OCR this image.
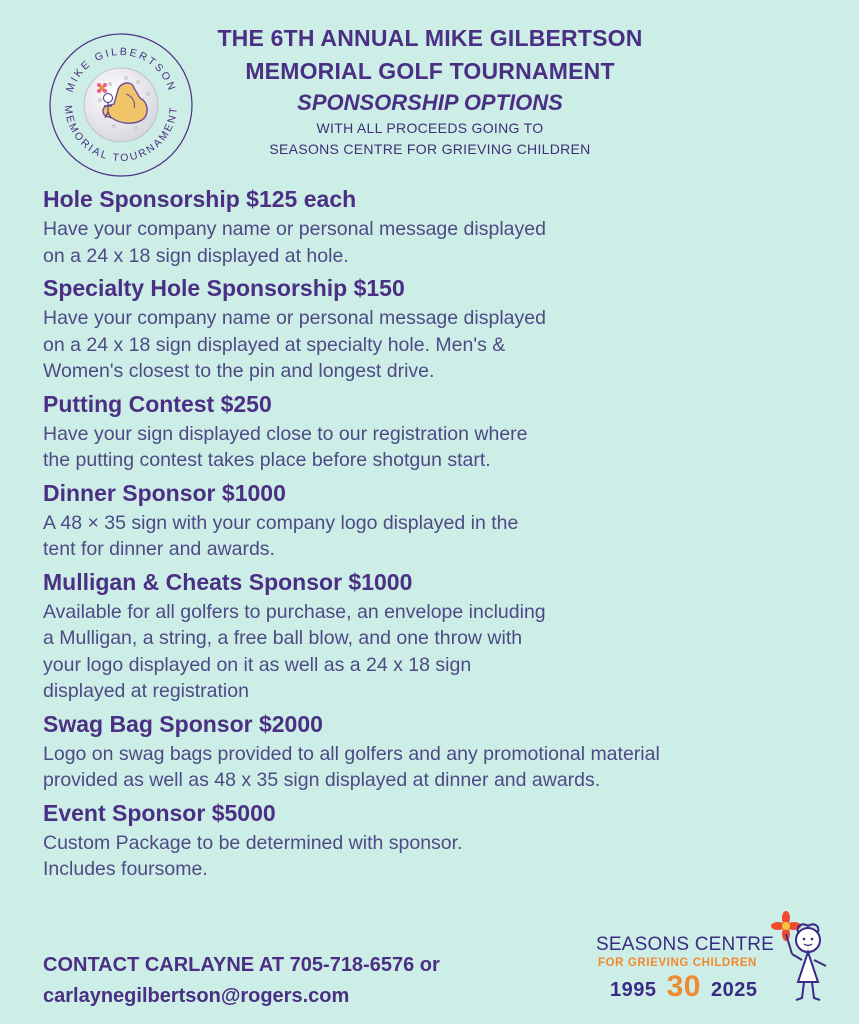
MIKE GILBERTSON
MEMORIAL TOURNAMENT
THE 6TH ANNUAL MIKE GILBERTSON
MEMORIAL GOLF TOURNAMENT
SPONSORSHIP OPTIONS
WITH ALL PROCEEDS GOING TO
SEASONS CENTRE FOR GRIEVING CHILDREN
Hole Sponsorship $125 each
Have your company name or personal message displayed
on a 24 x 18 sign displayed at hole.
Specialty Hole Sponsorship $150
Have your company name or personal message displayed
on a 24 x 18 sign displayed at specialty hole. Men's &
Women's closest to the pin and longest drive.
Putting Contest $250
Have your sign displayed close to our registration where
the putting contest takes place before shotgun start.
Dinner Sponsor $1000
A 48 × 35 sign with your company logo displayed in the
tent for dinner and awards.
Mulligan & Cheats Sponsor $1000
Available for all golfers to purchase, an envelope including
a Mulligan, a string, a free ball blow, and one throw with
your logo displayed on it as well as a 24 x 18 sign
displayed at registration
Swag Bag Sponsor $2000
Logo on swag bags provided to all golfers and any promotional material
provided as well as 48 x 35 sign displayed at dinner and awards.
Event Sponsor $5000
Custom Package to be determined with sponsor.
Includes foursome.
CONTACT CARLAYNE AT 705-718-6576 or
carlaynegilbertson@rogers.com
SEASONS CENTRE
FOR GRIEVING CHILDREN
1995 30 2025
